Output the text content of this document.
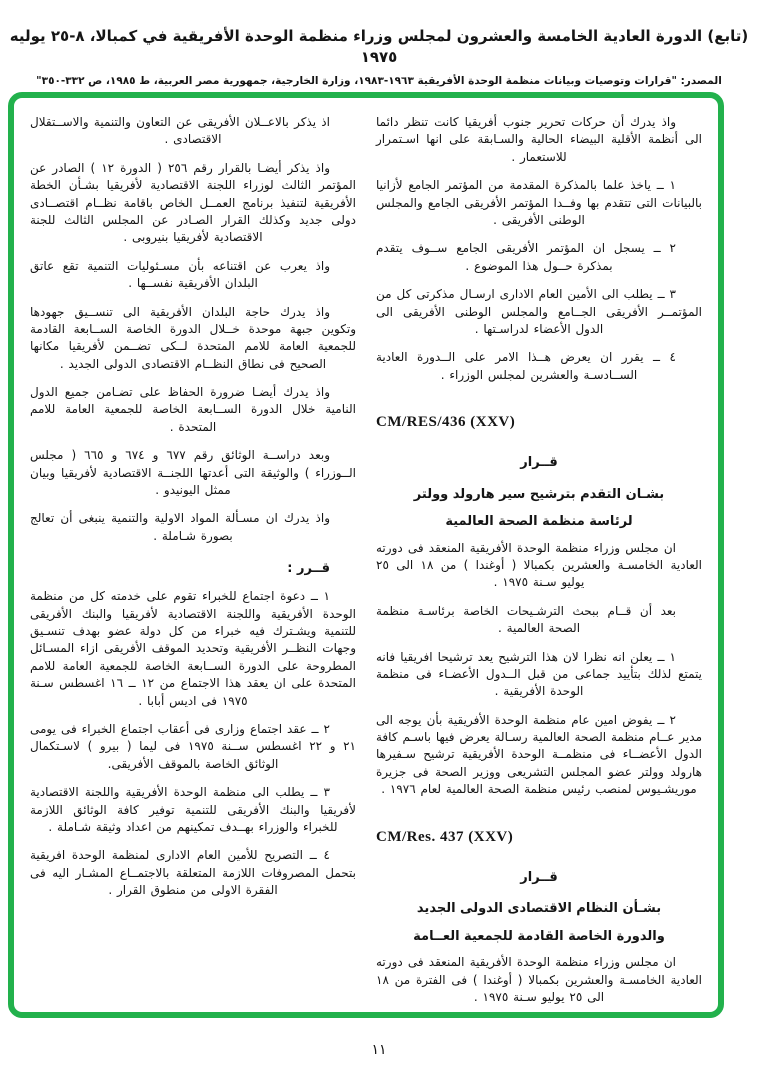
(تابع) الدورة العادية الخامسة والعشرون لمجلس وزراء منظمة الوحدة الأفريقية في كمبالا، ٨-٢٥ يوليه ١٩٧٥
المصدر: "قرارات وتوصيات وبيانات منظمة الوحدة الأفريقية ١٩٦٣-١٩٨٣، وزارة الخارجية، جمهورية مصر العربية، ط ١٩٨٥، ص ٣٣٢-٣٥٠"
واذ يدرك أن حركات تحرير جنوب أفريقيا كانت تنظر دائما الى أنظمة الأقلية البيضاء الحالية والسـابقة على انها اسـتمرار للاستعمار .
١ ــ ياخذ علما بالمذكرة المقدمة من المؤتمر الجامع لأزانيا بالبيانات التى تتقدم بها وفــدا المؤتمر الأفريقى الجامع والمجلس الوطنى الأفريقى .
٢ ــ يسجل ان المؤتمر الأفريقى الجامع ســوف يتقدم بمذكرة حــول هذا الموضوع .
٣ ــ يطلب الى الأمين العام الادارى ارسـال مذكرتى كل من المؤتمــر الأفريقى الجــامع والمجلس الوطنى الأفريقى الى الدول الأعضاء لدراسـتها .
٤ ــ يقرر ان يعرض هــذا الامر على الــدورة العادية الســادسـة والعشرين لمجلس الوزراء .
CM/RES/436 (XXV)
قــرار
بشـان التقدم بترشيح سير هارولد وولتر
لرئاسة منظمة الصحة العالمية
ان مجلس وزراء منظمة الوحدة الأفريقية المنعقد فى دورته العادية الخامسـة والعشرين بكمبالا ( أوغندا ) من ١٨ الى ٢٥ يوليو سـنة ١٩٧٥ .
بعد أن قــام ببحث الترشـيحات الخاصة برئاسـة منظمة الصحة العالمية .
١ ــ يعلن انه نظرا لان هذا الترشيح يعد ترشيحا افريقيا فانه يتمتع لذلك بتأييد جماعى من قبل الــدول الأعضـاء فى منظمة الوحدة الأفريقية .
٢ ــ يفوض امين عام منظمة الوحدة الأفريقية بأن يوجه الى مدير عــام منظمة الصحة العالمية رسـالة يعرض فيها باسـم كافة الدول الأعضــاء فى منظمــة الوحدة الأفريقية ترشيح سـفيرها هارولد وولتر عضو المجلس التشريعى ووزير الصحة فى جزيرة موريشـيوس لمنصب رئيس منظمة الصحة العالمية لعام ١٩٧٦ .
CM/Res. 437 (XXV)
قــرار
بشـأن النظام الاقتصادى الدولى الجديد
والدورة الخاصة القادمة للجمعية العــامة
ان مجلس وزراء منظمة الوحدة الأفريقية المنعقد فى دورته العادية الخامسـة والعشرين بكمبالا ( أوغندا ) فى الفترة من ١٨ الى ٢٥ يوليو سـنة ١٩٧٥ .
اذ يذكر بالاعــلان الأفريقى عن التعاون والتنمية والاســتقلال الاقتصادى .
واذ يذكر أيضـا بالقرار رقم ٢٥٦ ( الدورة ١٢ ) الصادر عن المؤتمر الثالث لوزراء اللجنة الاقتصادية لأفريقيا بشـأن الخطة الأفريقية لتنفيذ برنامج العمــل الخاص باقامة نظــام اقتصــادى دولى جديد وكذلك القرار الصـادر عن المجلس الثالث للجنة الاقتصادية لأفريقيا بنيروبى .
واذ يعرب عن اقتناعه بأن مسـئوليات التنمية تقع عاتق البلدان الأفريقية نفســها .
واذ يدرك حاجة البلدان الأفريقية الى تنســيق جهودها وتكوين جبهة موحدة خــلال الدورة الخاصة الســابعة القادمة للجمعية العامة للامم المتحدة لــكى تضــمن لأفريقيا مكانها الصحيح فى نطاق النظــام الاقتصادى الدولى الجديد .
واذ يدرك أيضـا ضرورة الحفاظ على تضـامن جميع الدول النامية خلال الدورة الســابعة الخاصة للجمعية العامة للامم المتحدة .
وبعد دراســة الوثائق رقم ٦٧٧ و ٦٧٤ و ٦٦٥ ( مجلس الــوزراء ) والوثيقة التى أعدتها اللجنــة الاقتصادية لأفريقيا وبيان ممثل اليونيدو .
واذ يدرك ان مسـألة المواد الاولية والتنمية ينبغى أن تعالج بصورة شـاملة .
قــرر :
١ ــ دعوة اجتماع للخبراء تقوم على خدمته كل من منظمة الوحدة الأفريقية واللجنة الاقتصادية لأفريقيا والبنك الأفريقى للتنمية ويشـترك فيه خبراء من كل دولة عضو بهدف تنسـيق وجهات النظــر الأفريقية وتحديد الموقف الأفريقى ازاء المسـائل المطروحة على الدورة الســابعة الخاصة للجمعية العامة للامم المتحدة على ان يعقد هذا الاجتماع من ١٢ ــ ١٦ اغسطس سـنة ١٩٧٥ فى اديس أبابا .
٢ ــ عقد اجتماع وزارى فى أعقاب اجتماع الخبراء فى يومى ٢١ و ٢٢ اغسطس ســنة ١٩٧٥ فى ليما ( بيرو ) لاسـتكمال الوثائق الخاصة بالموقف الأفريقى.
٣ ــ يطلب الى منظمة الوحدة الأفريقية واللجنة الاقتصادية لأفريقيا والبنك الأفريقى للتنمية توفير كافة الوثائق اللازمة للخبراء والوزراء بهــدف تمكينهم من اعداد وثيقة شـاملة .
٤ ــ التصريح للأمين العام الادارى لمنظمة الوحدة افريقية بتحمل المصروفات اللازمة المتعلقة بالاجتمــاع المشـار اليه فى الفقرة الاولى من منطوق القرار .
١١
